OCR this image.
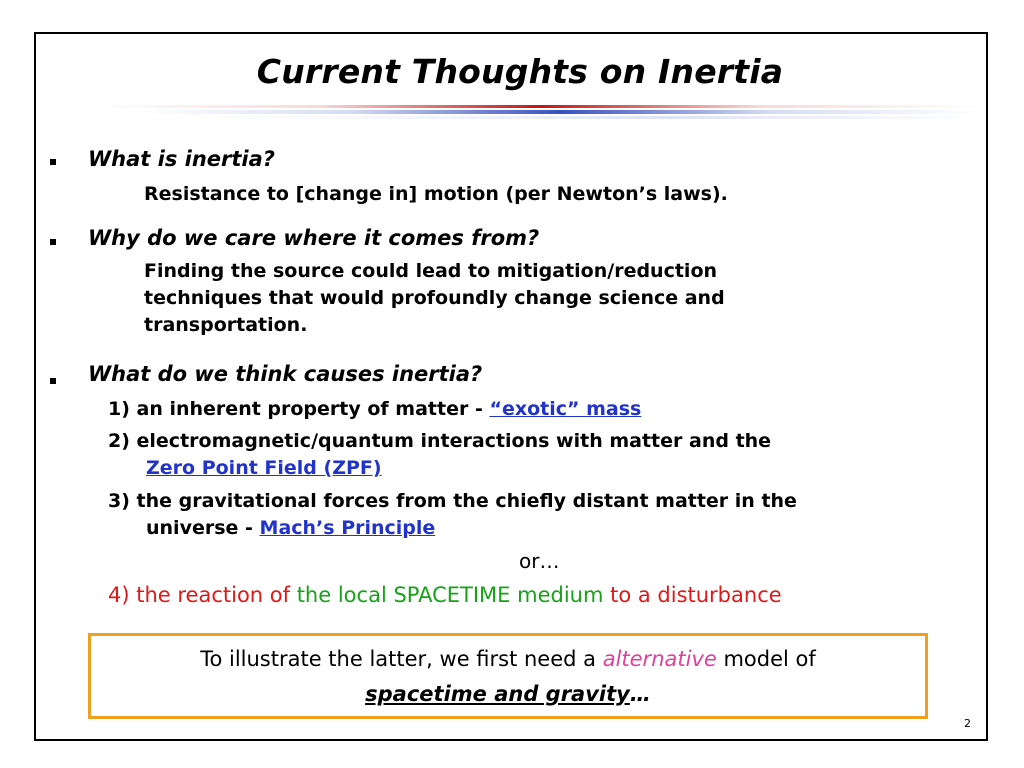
Current Thoughts on Inertia
What is inertia?
Resistance to [change in] motion (per Newton’s laws).
Why do we care where it comes from?
Finding the source could lead to mitigation/reduction
techniques that would profoundly change science and
transportation.
What do we think causes inertia?
1) an inherent property of matter - “exotic” mass
2) electromagnetic/quantum interactions with matter and the
Zero Point Field (ZPF)
3) the gravitational forces from the chiefly distant matter in the
universe - Mach’s Principle
or…
4) the reaction of the local SPACETIME medium to a disturbance
To illustrate the latter, we first need a alternative model of
spacetime and gravity…
2
